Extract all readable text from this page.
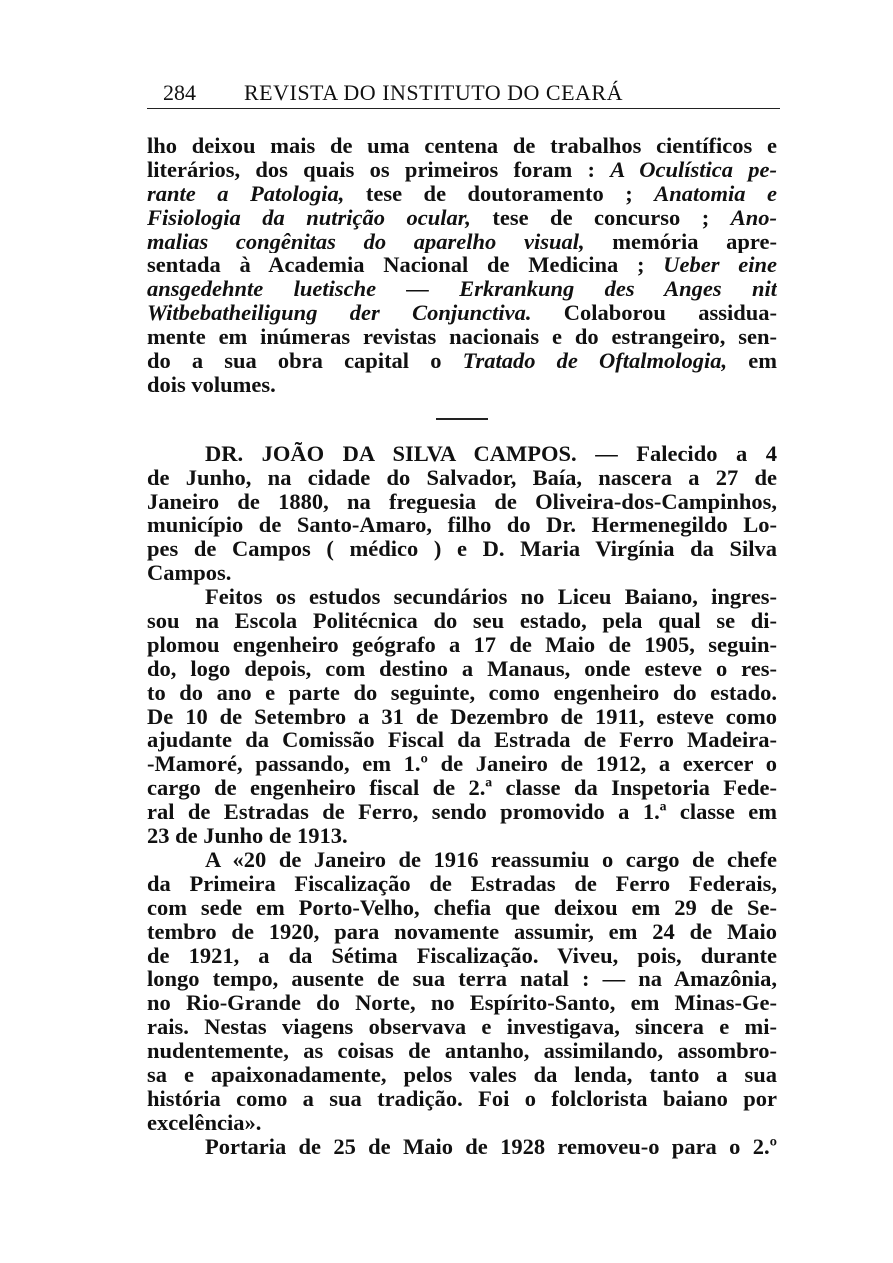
284 REVISTA DO INSTITUTO DO CEARÁ
lho deixou mais de uma centena de trabalhos científicos e
literários, dos quais os primeiros foram : A Oculística pe-
rante a Patologia, tese de doutoramento ; Anatomia e
Fisiologia da nutrição ocular, tese de concurso ; Ano-
malias congênitas do aparelho visual, memória apre-
sentada à Academia Nacional de Medicina ; Ueber eine
ansgedehnte luetische — Erkrankung des Anges nit
Witbebatheiligung der Conjunctiva. Colaborou assidua-
mente em inúmeras revistas nacionais e do estrangeiro, sen-
do a sua obra capital o Tratado de Oftalmologia, em
dois volumes.
DR. JOÃO DA SILVA CAMPOS. — Falecido a 4
de Junho, na cidade do Salvador, Baía, nascera a 27 de
Janeiro de 1880, na freguesia de Oliveira-dos-Campinhos,
município de Santo-Amaro, filho do Dr. Hermenegildo Lo-
pes de Campos ( médico ) e D. Maria Virgínia da Silva
Campos.
Feitos os estudos secundários no Liceu Baiano, ingres-
sou na Escola Politécnica do seu estado, pela qual se di-
plomou engenheiro geógrafo a 17 de Maio de 1905, seguin-
do, logo depois, com destino a Manaus, onde esteve o res-
to do ano e parte do seguinte, como engenheiro do estado.
De 10 de Setembro a 31 de Dezembro de 1911, esteve como
ajudante da Comissão Fiscal da Estrada de Ferro Madeira-
-Mamoré, passando, em 1.º de Janeiro de 1912, a exercer o
cargo de engenheiro fiscal de 2.ª classe da Inspetoria Fede-
ral de Estradas de Ferro, sendo promovido a 1.ª classe em
23 de Junho de 1913.
A «20 de Janeiro de 1916 reassumiu o cargo de chefe
da Primeira Fiscalização de Estradas de Ferro Federais,
com sede em Porto-Velho, chefia que deixou em 29 de Se-
tembro de 1920, para novamente assumir, em 24 de Maio
de 1921, a da Sétima Fiscalização. Viveu, pois, durante
longo tempo, ausente de sua terra natal : — na Amazônia,
no Rio-Grande do Norte, no Espírito-Santo, em Minas-Ge-
rais. Nestas viagens observava e investigava, sincera e mi-
nudentemente, as coisas de antanho, assimilando, assombro-
sa e apaixonadamente, pelos vales da lenda, tanto a sua
história como a sua tradição. Foi o folclorista baiano por
excelência».
Portaria de 25 de Maio de 1928 removeu-o para o 2.º
